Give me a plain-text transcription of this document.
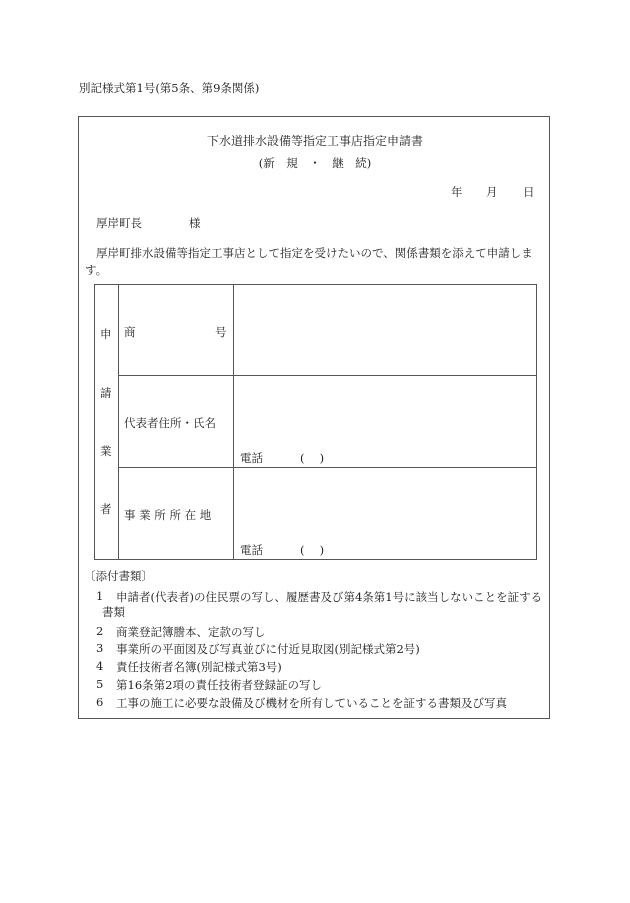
別記様式第1号(第5条、第9条関係)
下水道排水設備等指定工事店指定申請書
(新　規　・　継　続)
年 月 日
厚岸町長	様
厚岸町排水設備等指定工事店として指定を受けたいので、関係書類を添えて申請しま
す。
申
請
業
者
商	号
代表者住所・氏名
電話	(　 )
事 業 所 所 在 地
電話	(　 )
〔添付書類〕
1 申請者(代表者)の住民票の写し、履歴書及び第4条第1号に該当しないことを証する
書類
2 商業登記簿謄本、定款の写し
3 事業所の平面図及び写真並びに付近見取図(別記様式第2号)
4 責任技術者名簿(別記様式第3号)
5 第16条第2項の責任技術者登録証の写し
6 工事の施工に必要な設備及び機材を所有していることを証する書類及び写真
